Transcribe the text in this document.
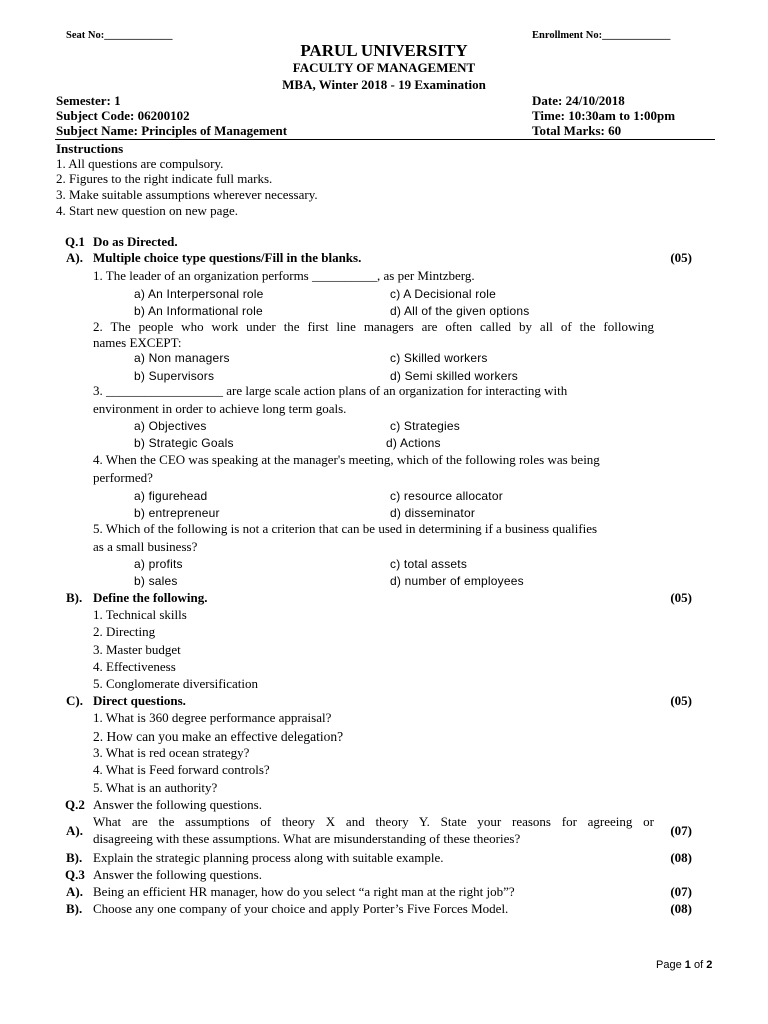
Seat No:_____________	Enrollment No:_____________
PARUL UNIVERSITY
FACULTY OF MANAGEMENT
MBA, Winter 2018 - 19 Examination
Semester: 1	Date: 24/10/2018
Subject Code: 06200102	Time: 10:30am to 1:00pm
Subject Name: Principles of Management	Total Marks: 60
Instructions
1. All questions are compulsory.
2. Figures to the right indicate full marks.
3. Make suitable assumptions wherever necessary.
4. Start new question on new page.
Q.1 Do as Directed.
A). Multiple choice type questions/Fill in the blanks.	(05)
1. The leader of an organization performs __________, as per Mintzberg.
a) An Interpersonal role	c) A Decisional role
b) An Informational role	d) All of the given options
2. The people who work under the first line managers are often called by all of the following
names EXCEPT:
a) Non managers	c) Skilled workers
b) Supervisors	d) Semi skilled workers
3. __________________ are large scale action plans of an organization for interacting with
environment in order to achieve long term goals.
a) Objectives	c) Strategies
b) Strategic Goals	d) Actions
4. When the CEO was speaking at the manager's meeting, which of the following roles was being
performed?
a) figurehead	c) resource allocator
b) entrepreneur	d) disseminator
5. Which of the following is not a criterion that can be used in determining if a business qualifies
as a small business?
a) profits	c) total assets
b) sales	d) number of employees
B). Define the following.	(05)
1. Technical skills
2. Directing
3. Master budget
4. Effectiveness
5. Conglomerate diversification
C). Direct questions.	(05)
1. What is 360 degree performance appraisal?
2. How can you make an effective delegation?
3. What is red ocean strategy?
4. What is Feed forward controls?
5. What is an authority?
Q.2 Answer the following questions.
A).
What are the assumptions of theory X and theory Y. State your reasons for agreeing or
disagreeing with these assumptions. What are misunderstanding of these theories?
(07)
B). Explain the strategic planning process along with suitable example.	(08)
Q.3 Answer the following questions.
A). Being an efficient HR manager, how do you select “a right man at the right job”?	(07)
B). Choose any one company of your choice and apply Porter’s Five Forces Model.	(08)
Page 1 of 2
